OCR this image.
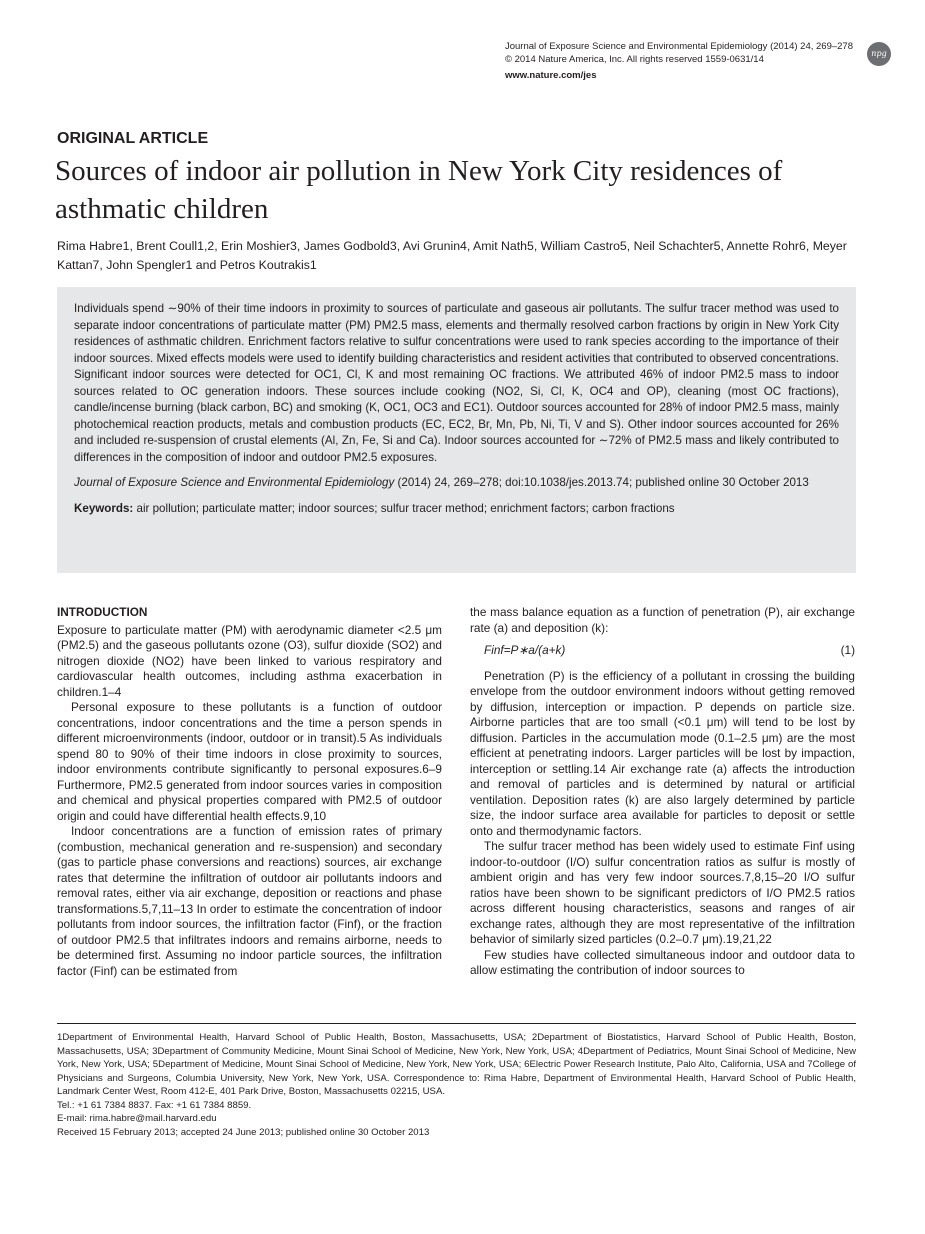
Journal of Exposure Science and Environmental Epidemiology (2014) 24, 269–278
© 2014 Nature America, Inc. All rights reserved 1559-0631/14
www.nature.com/jes
npg
ORIGINAL ARTICLE
Sources of indoor air pollution in New York City residences of asthmatic children
Rima Habre1, Brent Coull1,2, Erin Moshier3, James Godbold3, Avi Grunin4, Amit Nath5, William Castro5, Neil Schachter5, Annette Rohr6, Meyer Kattan7, John Spengler1 and Petros Koutrakis1
Individuals spend ∼90% of their time indoors in proximity to sources of particulate and gaseous air pollutants. The sulfur tracer method was used to separate indoor concentrations of particulate matter (PM) PM2.5 mass, elements and thermally resolved carbon fractions by origin in New York City residences of asthmatic children. Enrichment factors relative to sulfur concentrations were used to rank species according to the importance of their indoor sources. Mixed effects models were used to identify building characteristics and resident activities that contributed to observed concentrations. Significant indoor sources were detected for OC1, Cl, K and most remaining OC fractions. We attributed 46% of indoor PM2.5 mass to indoor sources related to OC generation indoors. These sources include cooking (NO2, Si, Cl, K, OC4 and OP), cleaning (most OC fractions), candle/incense burning (black carbon, BC) and smoking (K, OC1, OC3 and EC1). Outdoor sources accounted for 28% of indoor PM2.5 mass, mainly photochemical reaction products, metals and combustion products (EC, EC2, Br, Mn, Pb, Ni, Ti, V and S). Other indoor sources accounted for 26% and included re-suspension of crustal elements (Al, Zn, Fe, Si and Ca). Indoor sources accounted for ∼72% of PM2.5 mass and likely contributed to differences in the composition of indoor and outdoor PM2.5 exposures.
Journal of Exposure Science and Environmental Epidemiology (2014) 24, 269–278; doi:10.1038/jes.2013.74; published online 30 October 2013
Keywords: air pollution; particulate matter; indoor sources; sulfur tracer method; enrichment factors; carbon fractions
INTRODUCTION

Exposure to particulate matter (PM) with aerodynamic diameter <2.5 μm (PM2.5) and the gaseous pollutants ozone (O3), sulfur dioxide (SO2) and nitrogen dioxide (NO2) have been linked to various respiratory and cardiovascular health outcomes, including asthma exacerbation in children.1–4

Personal exposure to these pollutants is a function of outdoor concentrations, indoor concentrations and the time a person spends in different microenvironments (indoor, outdoor or in transit).5 As individuals spend 80 to 90% of their time indoors in close proximity to sources, indoor environments contribute significantly to personal exposures.6–9 Furthermore, PM2.5 generated from indoor sources varies in composition and chemical and physical properties compared with PM2.5 of outdoor origin and could have differential health effects.9,10

Indoor concentrations are a function of emission rates of primary (combustion, mechanical generation and re-suspension) and secondary (gas to particle phase conversions and reactions) sources, air exchange rates that determine the infiltration of outdoor air pollutants indoors and removal rates, either via air exchange, deposition or reactions and phase transformations.5,7,11–13 In order to estimate the concentration of indoor pollutants from indoor sources, the infiltration factor (Finf), or the fraction of outdoor PM2.5 that infiltrates indoors and remains airborne, needs to be determined first. Assuming no indoor particle sources, the infiltration factor (Finf) can be estimated from

the mass balance equation as a function of penetration (P), air exchange rate (a) and deposition (k):

Finf=P∗a/(a+k)	(1)

Penetration (P) is the efficiency of a pollutant in crossing the building envelope from the outdoor environment indoors without getting removed by diffusion, interception or impaction. P depends on particle size. Airborne particles that are too small (<0.1 μm) will tend to be lost by diffusion. Particles in the accumulation mode (0.1–2.5 μm) are the most efficient at penetrating indoors. Larger particles will be lost by impaction, interception or settling.14 Air exchange rate (a) affects the introduction and removal of particles and is determined by natural or artificial ventilation. Deposition rates (k) are also largely determined by particle size, the indoor surface area available for particles to deposit or settle onto and thermodynamic factors.

The sulfur tracer method has been widely used to estimate Finf using indoor-to-outdoor (I/O) sulfur concentration ratios as sulfur is mostly of ambient origin and has very few indoor sources.7,8,15–20 I/O sulfur ratios have been shown to be significant predictors of I/O PM2.5 ratios across different housing characteristics, seasons and ranges of air exchange rates, although they are most representative of the infiltration behavior of similarly sized particles (0.2–0.7 μm).19,21,22

Few studies have collected simultaneous indoor and outdoor data to allow estimating the contribution of indoor sources to

1Department of Environmental Health, Harvard School of Public Health, Boston, Massachusetts, USA; 2Department of Biostatistics, Harvard School of Public Health, Boston, Massachusetts, USA; 3Department of Community Medicine, Mount Sinai School of Medicine, New York, New York, USA; 4Department of Pediatrics, Mount Sinai School of Medicine, New York, New York, USA; 5Department of Medicine, Mount Sinai School of Medicine, New York, New York, USA; 6Electric Power Research Institute, Palo Alto, California, USA and 7College of Physicians and Surgeons, Columbia University, New York, New York, USA. Correspondence to: Rima Habre, Department of Environmental Health, Harvard School of Public Health, Landmark Center West, Room 412-E, 401 Park Drive, Boston, Massachusetts 02215, USA.
Tel.: +1 61 7384 8837. Fax: +1 61 7384 8859.
E-mail: rima.habre@mail.harvard.edu
Received 15 February 2013; accepted 24 June 2013; published online 30 October 2013
